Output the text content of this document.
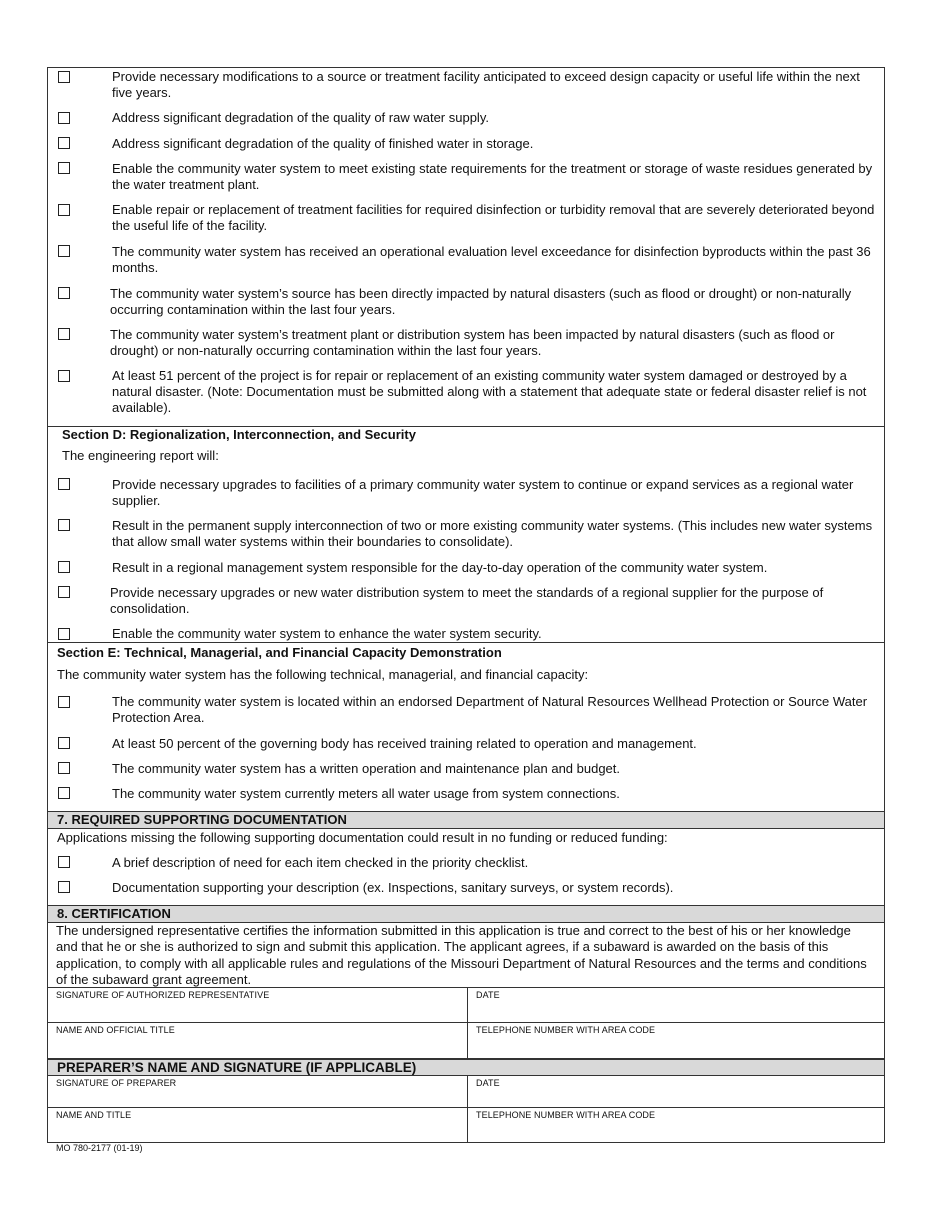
Provide necessary modifications to a source or treatment facility anticipated to exceed design capacity or useful life within the next five years.
Address significant degradation of the quality of raw water supply.
Address significant degradation of the quality of finished water in storage.
Enable the community water system to meet existing state requirements for the treatment or storage of waste residues generated by the water treatment plant.
Enable repair or replacement of treatment facilities for required disinfection or turbidity removal that are severely deteriorated beyond the useful life of the facility.
The community water system has received an operational evaluation level exceedance for disinfection byproducts within the past 36 months.
The community water system’s source has been directly impacted by natural disasters (such as flood or drought) or non-naturally occurring contamination within the last four years.
The community water system’s treatment plant or distribution system has been impacted by natural disasters (such as flood or drought) or non-naturally occurring contamination within the last four years.
At least 51 percent of the project is for repair or replacement of an existing community water system damaged or destroyed by a natural disaster. (Note: Documentation must be submitted along with a statement that adequate state or federal disaster relief is not available).
Section D: Regionalization, Interconnection, and Security
The engineering report will:
Provide necessary upgrades to facilities of a primary community water system to continue or expand services as a regional water supplier.
Result in the permanent supply interconnection of two or more existing community water systems. (This includes new water systems that allow small water systems within their boundaries to consolidate).
Result in a regional management system responsible for the day-to-day operation of the community water system.
Provide necessary upgrades or new water distribution system to meet the standards of a regional supplier for the purpose of consolidation.
Enable the community water system to enhance the water system security.
Section E: Technical, Managerial, and Financial Capacity Demonstration
The community water system has the following technical, managerial, and financial capacity:
The community water system is located within an endorsed Department of Natural Resources Wellhead Protection or Source Water Protection Area.
At least 50 percent of the governing body has received training related to operation and management.
The community water system has a written operation and maintenance plan and budget.
The community water system currently meters all water usage from system connections.
7. REQUIRED SUPPORTING DOCUMENTATION
Applications missing the following supporting documentation could result in no funding or reduced funding:
A brief description of need for each item checked in the priority checklist.
Documentation supporting your description (ex. Inspections, sanitary surveys, or system records).
8. CERTIFICATION
The undersigned representative certifies the information submitted in this application is true and correct to the best of his or her knowledge and that he or she is authorized to sign and submit this application. The applicant agrees, if a subaward is awarded on the basis of this application, to comply with all applicable rules and regulations of the Missouri Department of Natural Resources and the terms and conditions of the subaward grant agreement.
SIGNATURE OF AUTHORIZED REPRESENTATIVE	DATE
NAME AND OFFICIAL TITLE	TELEPHONE NUMBER WITH AREA CODE
PREPARER’S NAME AND SIGNATURE (IF APPLICABLE)
SIGNATURE OF PREPARER	DATE
NAME AND TITLE	TELEPHONE NUMBER WITH AREA CODE
MO 780-2177 (01-19)
